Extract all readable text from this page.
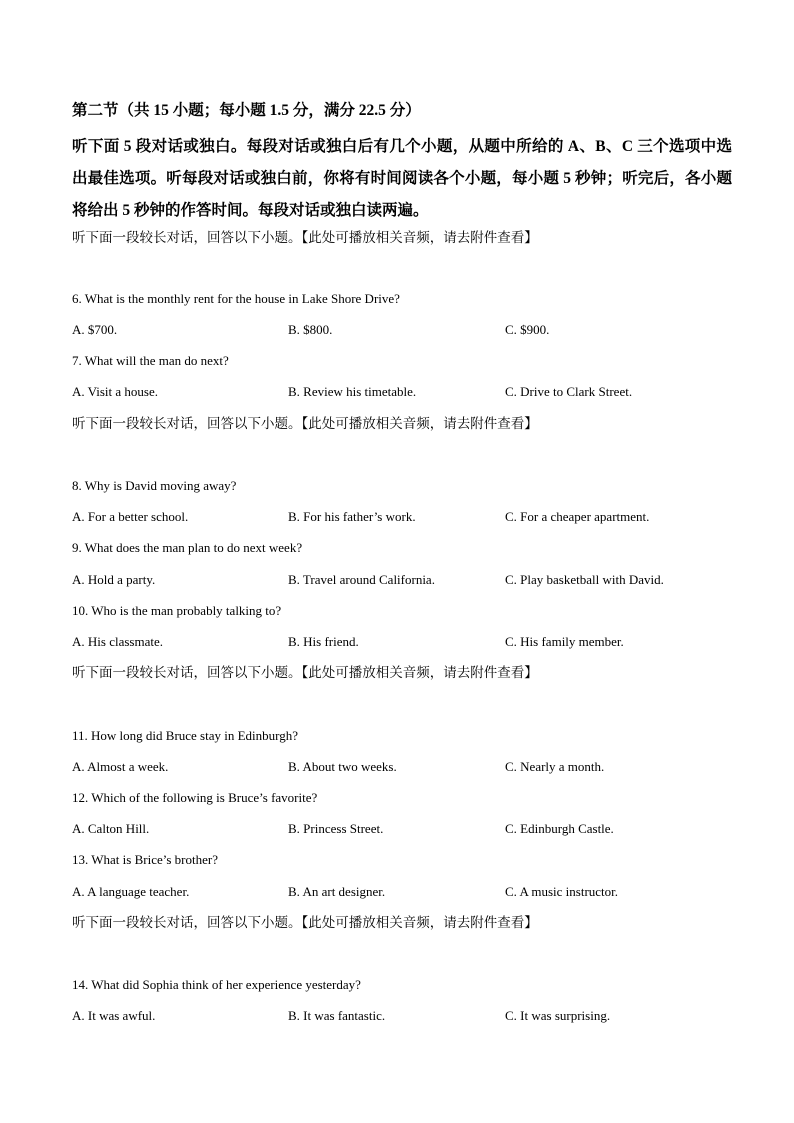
第二节（共 15 小题；每小题 1.5 分，满分 22.5 分）
听下面 5 段对话或独白。每段对话或独白后有几个小题，从题中所给的 A、B、C 三个选项中选出最佳选项。听每段对话或独白前，你将有时间阅读各个小题，每小题 5 秒钟；听完后，各小题将给出 5 秒钟的作答时间。每段对话或独白读两遍。
听下面一段较长对话，回答以下小题。【此处可播放相关音频，请去附件查看】
6. What is the monthly rent for the house in Lake Shore Drive?
A. $700.	B. $800.	C. $900.
7. What will the man do next?
A. Visit a house.	B. Review his timetable.	C. Drive to Clark Street.
听下面一段较长对话，回答以下小题。【此处可播放相关音频，请去附件查看】
8. Why is David moving away?
A. For a better school.	B. For his father’s work.	C. For a cheaper apartment.
9. What does the man plan to do next week?
A. Hold a party.	B. Travel around California.	C. Play basketball with David.
10. Who is the man probably talking to?
A. His classmate.	B. His friend.	C. His family member.
听下面一段较长对话，回答以下小题。【此处可播放相关音频，请去附件查看】
11. How long did Bruce stay in Edinburgh?
A. Almost a week.	B. About two weeks.	C. Nearly a month.
12. Which of the following is Bruce’s favorite?
A. Calton Hill.	B. Princess Street.	C. Edinburgh Castle.
13. What is Brice’s brother?
A. A language teacher.	B. An art designer.	C. A music instructor.
听下面一段较长对话，回答以下小题。【此处可播放相关音频，请去附件查看】
14. What did Sophia think of her experience yesterday?
A. It was awful.	B. It was fantastic.	C. It was surprising.
